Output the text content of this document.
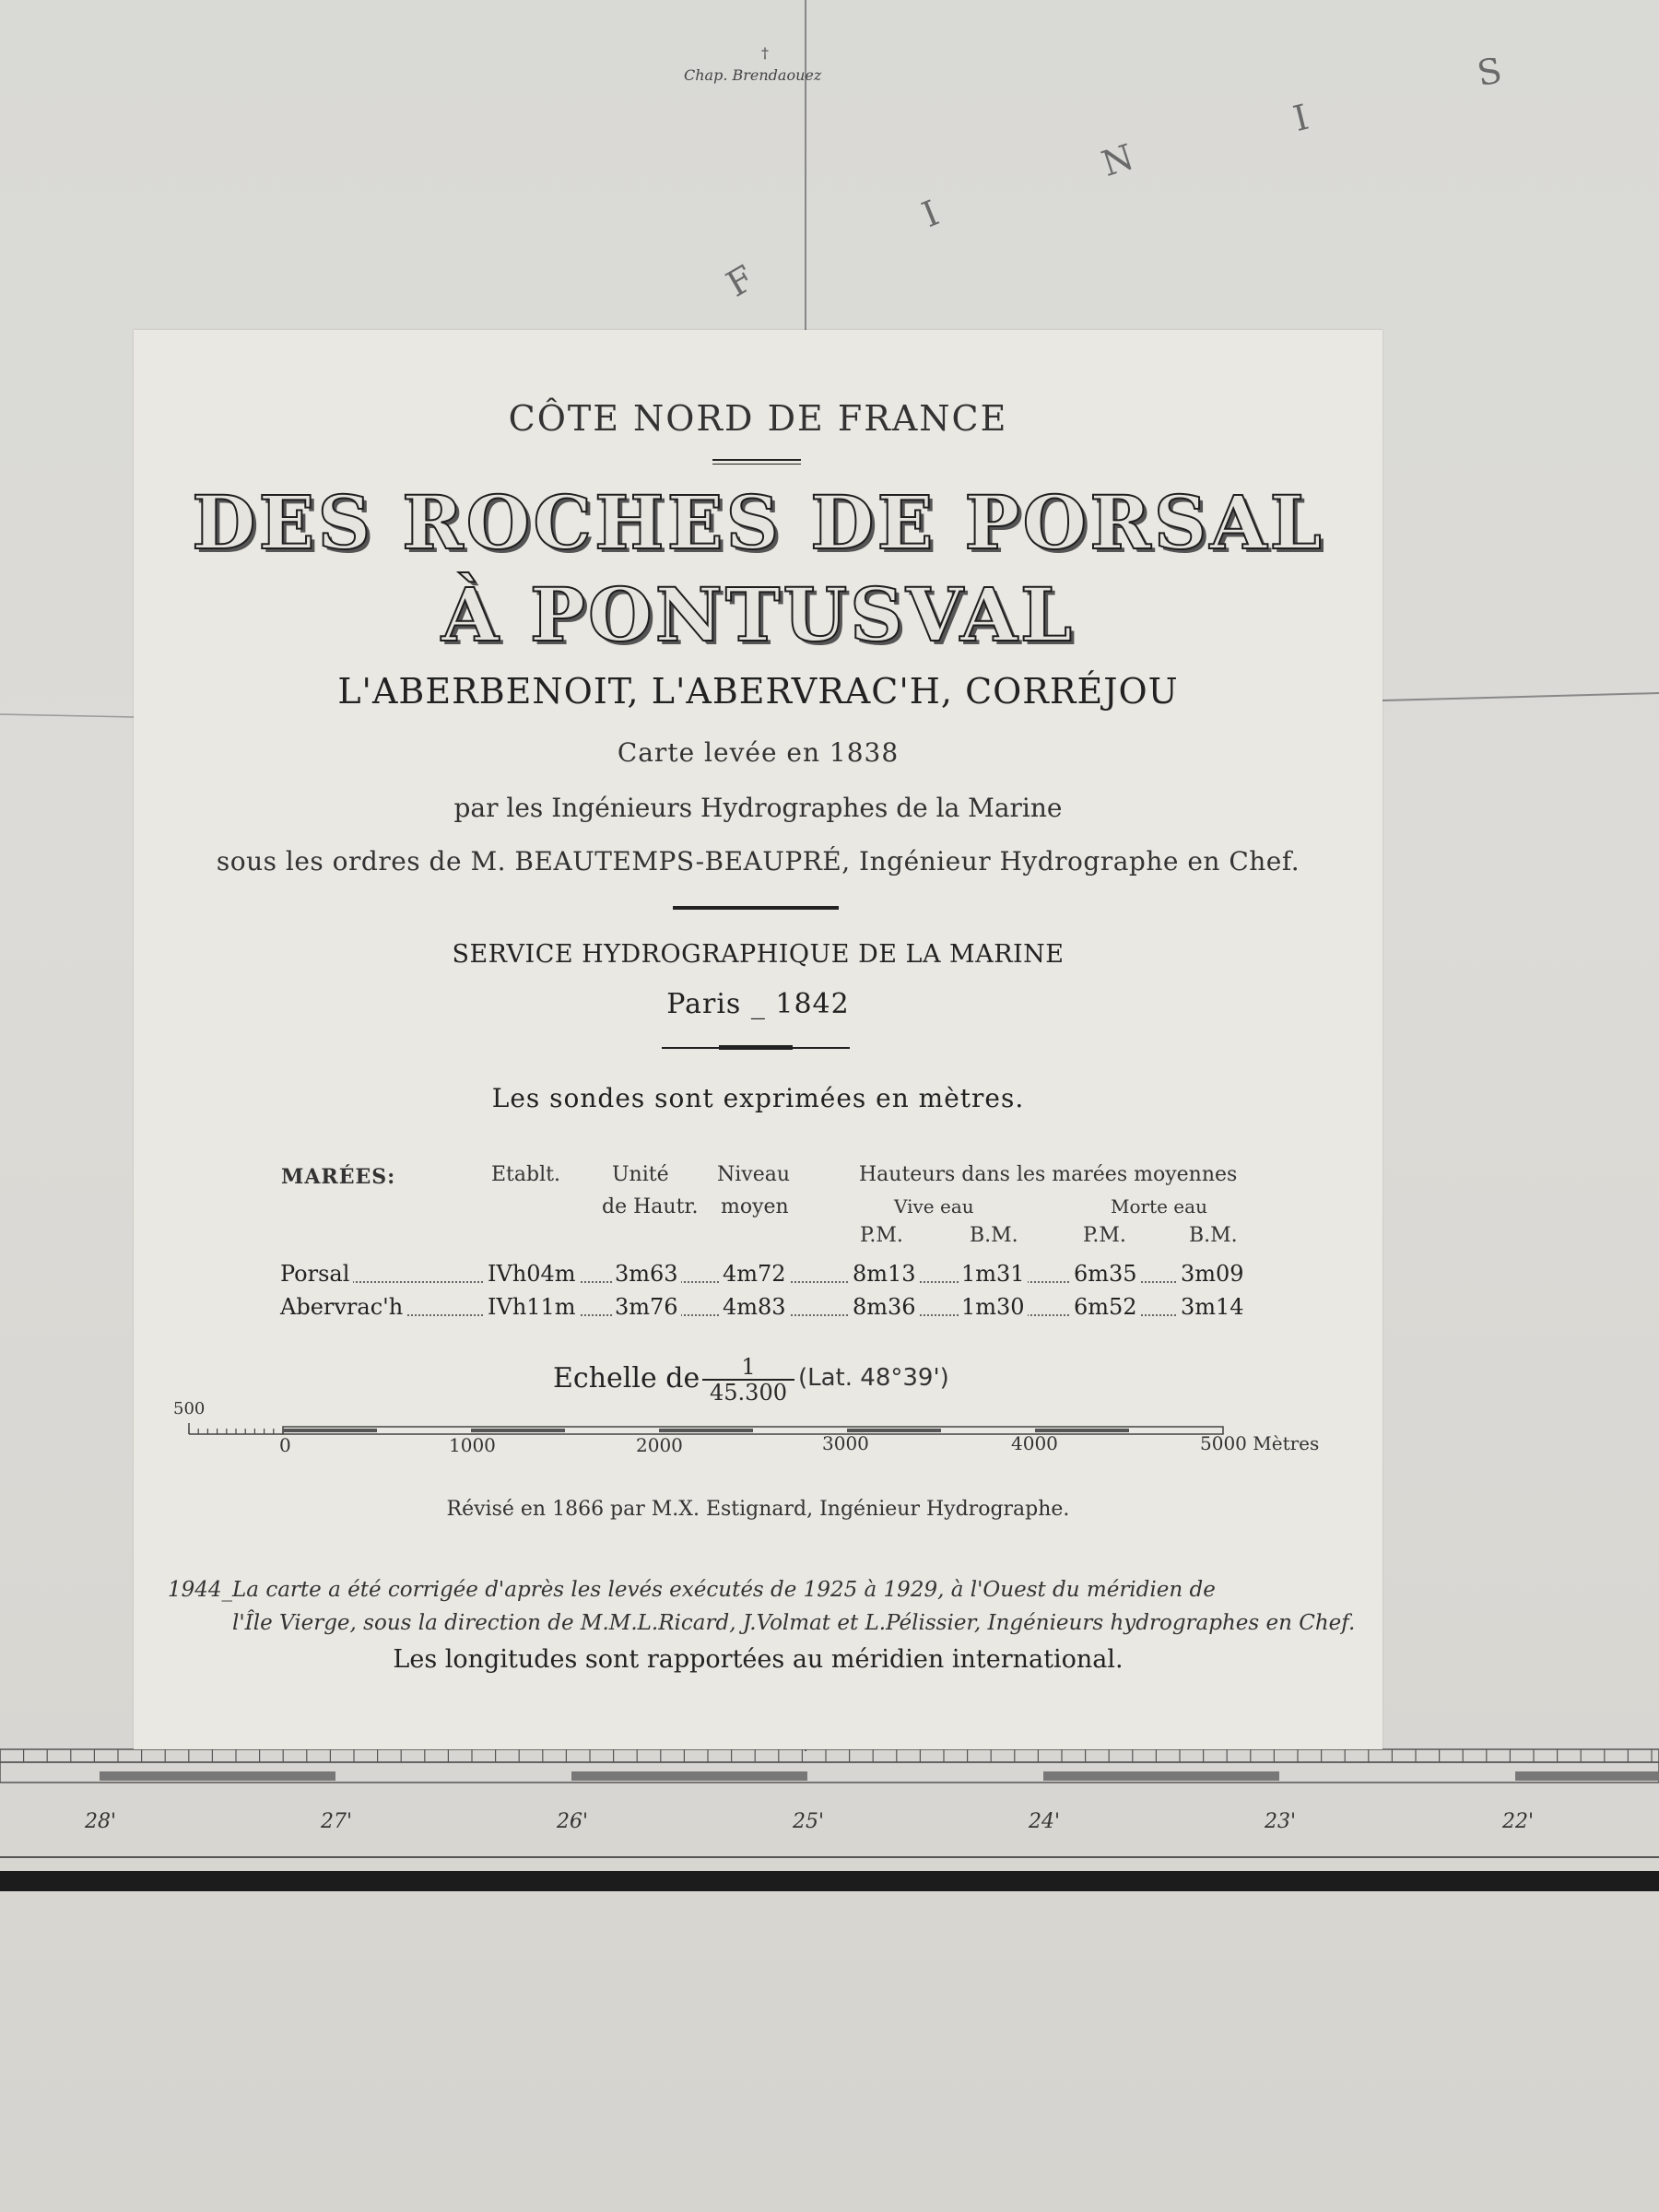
Chap. Brendaouez
†
F
I
N
I
S
CÔTE NORD DE FRANCE
DES ROCHES DE PORSAL
À PONTUSVAL
L'ABERBENOIT, L'ABERVRAC'H, CORRÉJOU
Carte levée en 1838
par les Ingénieurs Hydrographes de la Marine
sous les ordres de M. BEAUTEMPS-BEAUPRÉ, Ingénieur Hydrographe en Chef.
SERVICE HYDROGRAPHIQUE DE LA MARINE
Paris _ 1842
Les sondes sont exprimées en mètres.
MARÉES:	Etablt.	Unité
de Hautr.
Niveau
moyen
Hauteurs dans les marées moyennes
Vive eau	Morte eau
P.M.	B.M.	P.M.	B.M.
Porsal	IVh04m 3m63 4m72	8m13 1m31 6m35 3m09
Abervrac'h	IVh11m 3m76 4m83	8m36 1m30 6m52 3m14
Echelle de $\frac{1}{45.300} (Lat$. 48°39')
500
0	1000	2000	3000	4000	5000 Mètres
Révisé en 1866 par M.X. Estignard, Ingénieur Hydrographe.
1944_La carte a été corrigée d'après les levés exécutés de 1925 à 1929, à l'Ouest du méridien de
l'Île Vierge, sous la direction de M.M.L.Ricard, J.Volmat et L.Pélissier, Ingénieurs hydrographes en Chef.
Les longitudes sont rapportées au méridien international.
28'	27'	26'	25'	24'	23'	22'
